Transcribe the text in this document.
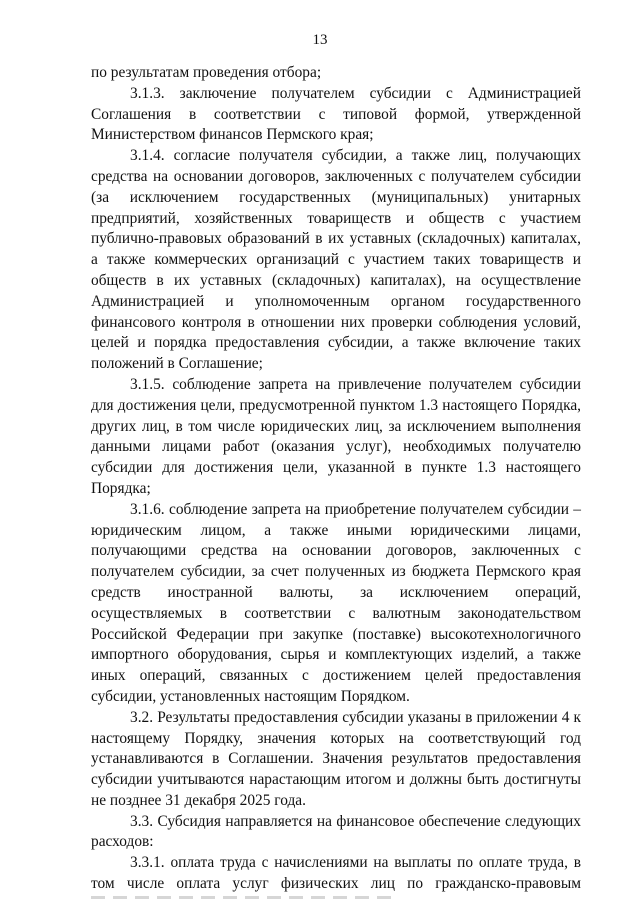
13

по результатам проведения отбора;

3.1.3. заключение получателем субсидии с Администрацией Соглашения в соответствии с типовой формой, утвержденной Министерством финансов Пермского края;

3.1.4. согласие получателя субсидии, а также лиц, получающих средства на основании договоров, заключенных с получателем субсидии (за исключением государственных (муниципальных) унитарных предприятий, хозяйственных товариществ и обществ с участием публично-правовых образований в их уставных (складочных) капиталах, а также коммерческих организаций с участием таких товариществ и обществ в их уставных (складочных) капиталах), на осуществление Администрацией и уполномоченным органом государственного финансового контроля в отношении них проверки соблюдения условий, целей и порядка предоставления субсидии, а также включение таких положений в Соглашение;

3.1.5. соблюдение запрета на привлечение получателем субсидии для достижения цели, предусмотренной пунктом 1.3 настоящего Порядка, других лиц, в том числе юридических лиц, за исключением выполнения данными лицами работ (оказания услуг), необходимых получателю субсидии для достижения цели, указанной в пункте 1.3 настоящего Порядка;

3.1.6. соблюдение запрета на приобретение получателем субсидии – юридическим лицом, а также иными юридическими лицами, получающими средства на основании договоров, заключенных с получателем субсидии, за счет полученных из бюджета Пермского края средств иностранной валюты, за исключением операций, осуществляемых в соответствии с валютным законодательством Российской Федерации при закупке (поставке) высокотехнологичного импортного оборудования, сырья и комплектующих изделий, а также иных операций, связанных с достижением целей предоставления субсидии, установленных настоящим Порядком.

3.2. Результаты предоставления субсидии указаны в приложении 4 к настоящему Порядку, значения которых на соответствующий год устанавливаются в Соглашении. Значения результатов предоставления субсидии учитываются нарастающим итогом и должны быть достигнуты не позднее 31 декабря 2025 года.

3.3. Субсидия направляется на финансовое обеспечение следующих расходов:

3.3.1. оплата труда с начислениями на выплаты по оплате труда, в том числе оплата услуг физических лиц по гражданско-правовым
